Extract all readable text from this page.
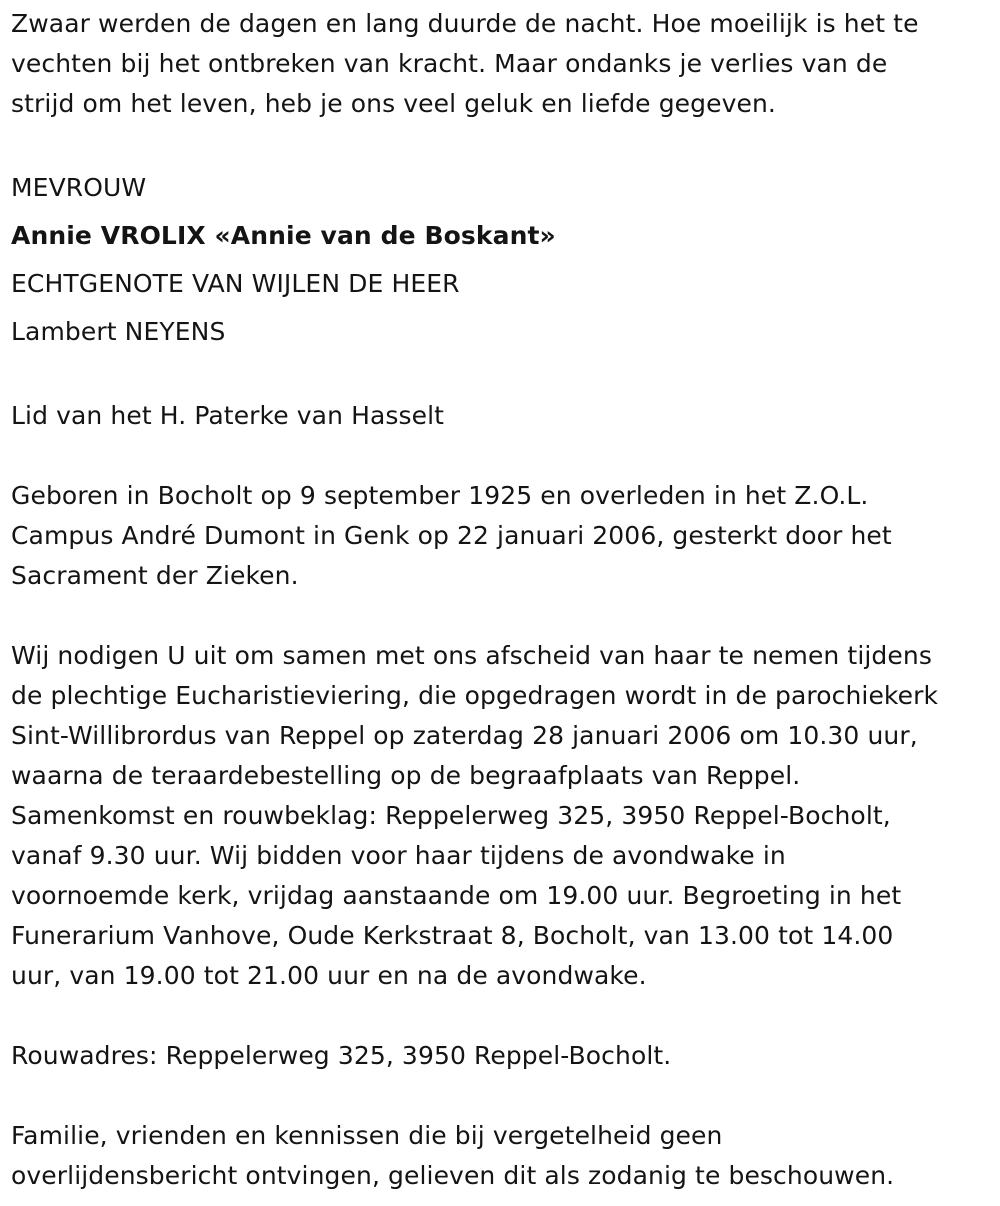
Zwaar werden de dagen en lang duurde de nacht. Hoe moeilijk is het te
vechten bij het ontbreken van kracht. Maar ondanks je verlies van de
strijd om het leven, heb je ons veel geluk en liefde gegeven.
MEVROUW
Annie VROLIX «Annie van de Boskant»
ECHTGENOTE VAN WIJLEN DE HEER
Lambert NEYENS
Lid van het H. Paterke van Hasselt
Geboren in Bocholt op 9 september 1925 en overleden in het Z.O.L.
Campus André Dumont in Genk op 22 januari 2006, gesterkt door het
Sacrament der Zieken.
Wij nodigen U uit om samen met ons afscheid van haar te nemen tijdens
de plechtige Eucharistieviering, die opgedragen wordt in de parochiekerk
Sint-Willibrordus van Reppel op zaterdag 28 januari 2006 om 10.30 uur,
waarna de teraardebestelling op de begraafplaats van Reppel.
Samenkomst en rouwbeklag: Reppelerweg 325, 3950 Reppel-Bocholt,
vanaf 9.30 uur. Wij bidden voor haar tijdens de avondwake in
voornoemde kerk, vrijdag aanstaande om 19.00 uur. Begroeting in het
Funerarium Vanhove, Oude Kerkstraat 8, Bocholt, van 13.00 tot 14.00
uur, van 19.00 tot 21.00 uur en na de avondwake.
Rouwadres: Reppelerweg 325, 3950 Reppel-Bocholt.
Familie, vrienden en kennissen die bij vergetelheid geen
overlijdensbericht ontvingen, gelieven dit als zodanig te beschouwen.
